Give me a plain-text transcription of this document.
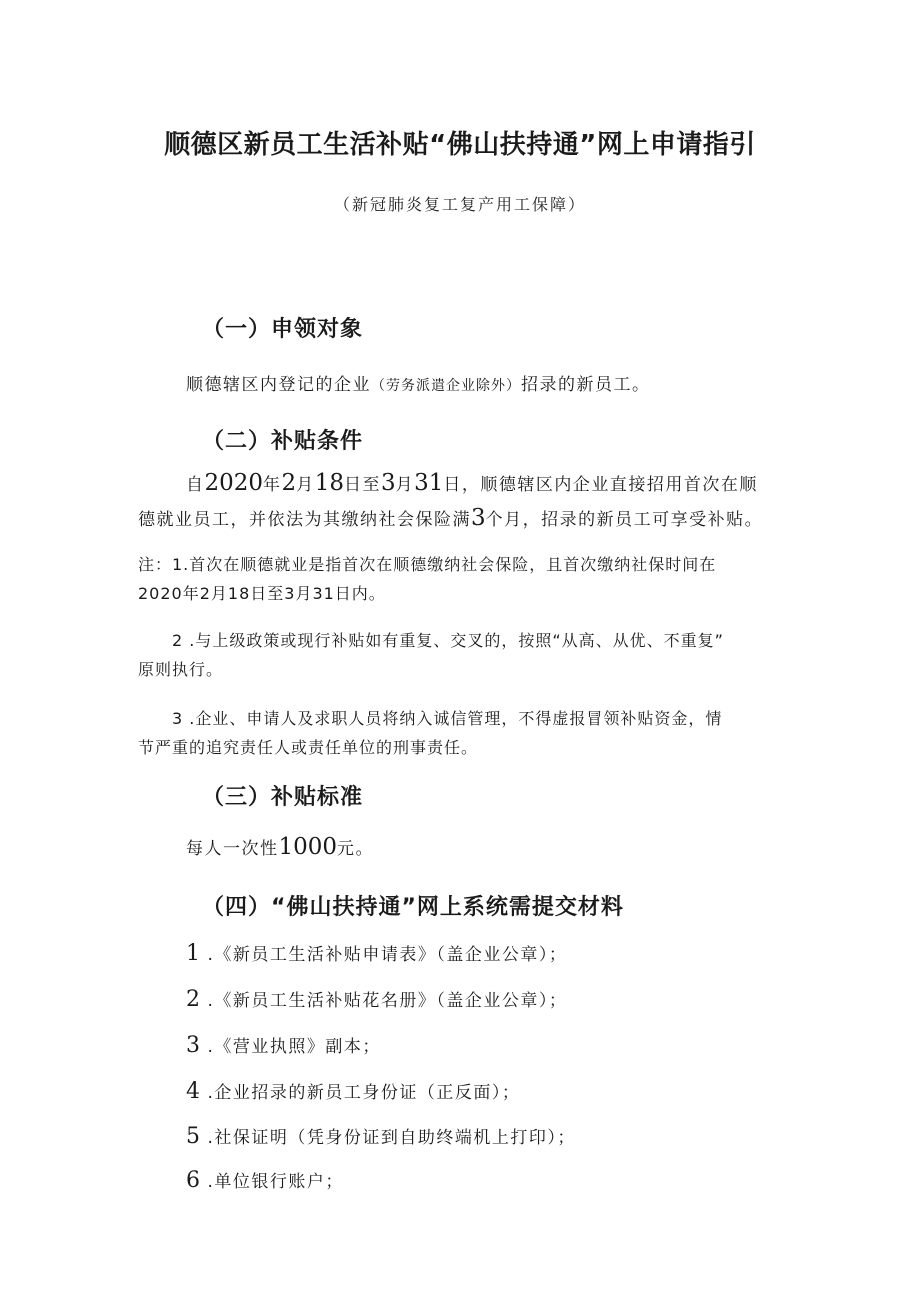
顺德区新员工生活补贴“佛山扶持通”网上申请指引
（新冠肺炎复工复产用工保障）
（一）申领对象
顺德辖区内登记的企业（劳务派遣企业除外）招录的新员工。
（二）补贴条件
自2020年2月18日至3月31日，顺德辖区内企业直接招用首次在顺
德就业员工，并依法为其缴纳社会保险满3个月，招录的新员工可享受补贴。
注：1.首次在顺德就业是指首次在顺德缴纳社会保险，且首次缴纳社保时间在
2020年2月18日至3月31日内。
2 .与上级政策或现行补贴如有重复、交叉的，按照“从高、从优、不重复”
原则执行。
3 .企业、申请人及求职人员将纳入诚信管理，不得虚报冒领补贴资金，情
节严重的追究责任人或责任单位的刑事责任。
（三）补贴标准
每人一次性1000元。
（四）“佛山扶持通”网上系统需提交材料
1 .《新员工生活补贴申请表》（盖企业公章）；
2 .《新员工生活补贴花名册》（盖企业公章）；
3 .《营业执照》副本；
4 .企业招录的新员工身份证（正反面）；
5 .社保证明（凭身份证到自助终端机上打印）；
6 .单位银行账户；
